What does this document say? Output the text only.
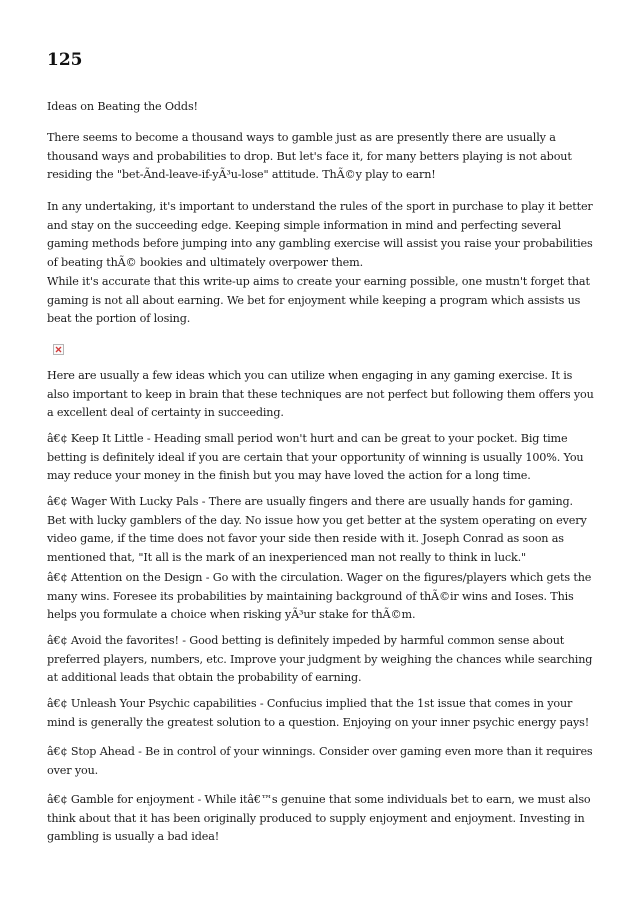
125

Ideas on Beating the Odds!

There seems to become a thousand ways to gamble just as are presently there are usually a thousand ways and probabilities to drop. But let's face it, for many betters playing is not about residing the "bet-Ãnd-leave-if-yÃ³u-lose" attitude. ThÃ©y play to earn!

In any undertaking, it's important to understand the rules of the sport in purchase to play it better and stay on the succeeding edge. Keeping simple information in mind and perfecting several gaming methods before jumping into any gambling exercise will assist you raise your probabilities of beating thÃ© bookies and ultimately overpower them.

While it's accurate that this write-up aims to create your earning possible, one mustn't forget that gaming is not all about earning. We bet for enjoyment while keeping a program which assists us beat the portion of losing.

Here are usually a few ideas which you can utilize when engaging in any gaming exercise. It is also important to keep in brain that these techniques are not perfect but following them offers you a excellent deal of certainty in succeeding.

â€¢ Keep It Little - Heading small period won't hurt and can be great to your pocket. Big time betting is definitely ideal if you are certain that your opportunity of winning is usually 100%. You may reduce your money in the finish but you may have loved the action for a long time.

â€¢ Wager With Lucky Pals - There are usually fingers and there are usually hands for gaming. Bet with lucky gamblers of the day. No issue how you get better at the system operating on every video game, if the time does not favor your side then reside with it. Joseph Conrad as soon as mentioned that, "It all is the mark of an inexperienced man not really to think in luck."

â€¢ Attention on the Design - Go with the circulation. Wager on the figures/players which gets the many wins. Foresee its probabilities by maintaining background of thÃ©ir wins and Ioses. This helps you formulate a choice when risking yÃ³ur stake for thÃ©m.

â€¢ Avoid the favorites! - Good betting is definitely impeded by harmful common sense about preferred players, numbers, etc. Improve your judgment by weighing the chances while searching at additional leads that obtain the probability of earning.

â€¢ Unleash Your Psychic capabilities - Confucius implied that the 1st issue that comes in your mind is generally the greatest solution to a question. Enjoying on your inner psychic energy pays!

â€¢ Stop Ahead - Be in control of your winnings. Consider over gaming even more than it requires over you.

â€¢ Gamble for enjoyment - While itâ€™s genuine that some individuals bet to earn, we must also think about that it has been originally produced to supply enjoyment and enjoyment. Investing in gambling is usually a bad idea!
